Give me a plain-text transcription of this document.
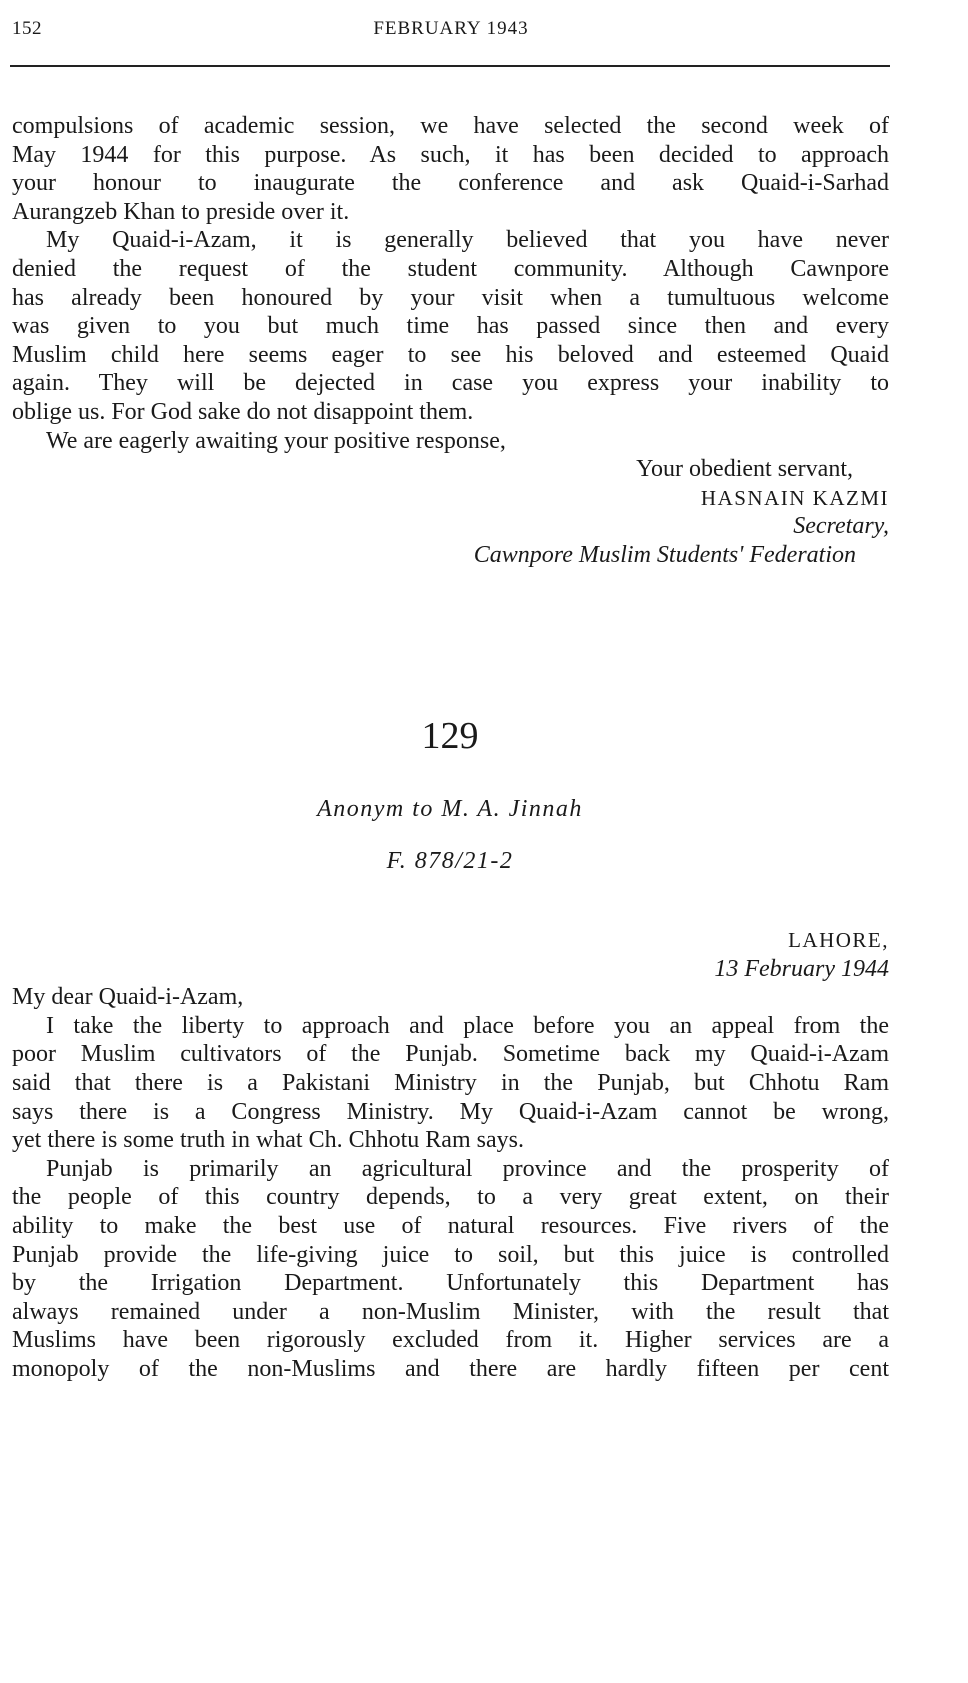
152	FEBRUARY 1943
compulsions of academic session, we have selected the second week of
May 1944 for this purpose. As such, it has been decided to approach
your honour to inaugurate the conference and ask Quaid-i-Sarhad
Aurangzeb Khan to preside over it.
My Quaid-i-Azam, it is generally believed that you have never
denied the request of the student community. Although Cawnpore
has already been honoured by your visit when a tumultuous welcome
was given to you but much time has passed since then and every
Muslim child here seems eager to see his beloved and esteemed Quaid
again. They will be dejected in case you express your inability to
oblige us. For God sake do not disappoint them.
We are eagerly awaiting your positive response,
Your obedient servant,
HASNAIN KAZMI
Secretary,
Cawnpore Muslim Students' Federation
129
Anonym to M. A. Jinnah
F. 878/21-2
LAHORE,
13 February 1944
My dear Quaid-i-Azam,
I take the liberty to approach and place before you an appeal from the
poor Muslim cultivators of the Punjab. Sometime back my Quaid-i-Azam
said that there is a Pakistani Ministry in the Punjab, but Chhotu Ram
says there is a Congress Ministry. My Quaid-i-Azam cannot be wrong,
yet there is some truth in what Ch. Chhotu Ram says.
Punjab is primarily an agricultural province and the prosperity of
the people of this country depends, to a very great extent, on their
ability to make the best use of natural resources. Five rivers of the
Punjab provide the life-giving juice to soil, but this juice is controlled
by the Irrigation Department. Unfortunately this Department has
always remained under a non-Muslim Minister, with the result that
Muslims have been rigorously excluded from it. Higher services are a
monopoly of the non-Muslims and there are hardly fifteen per cent
